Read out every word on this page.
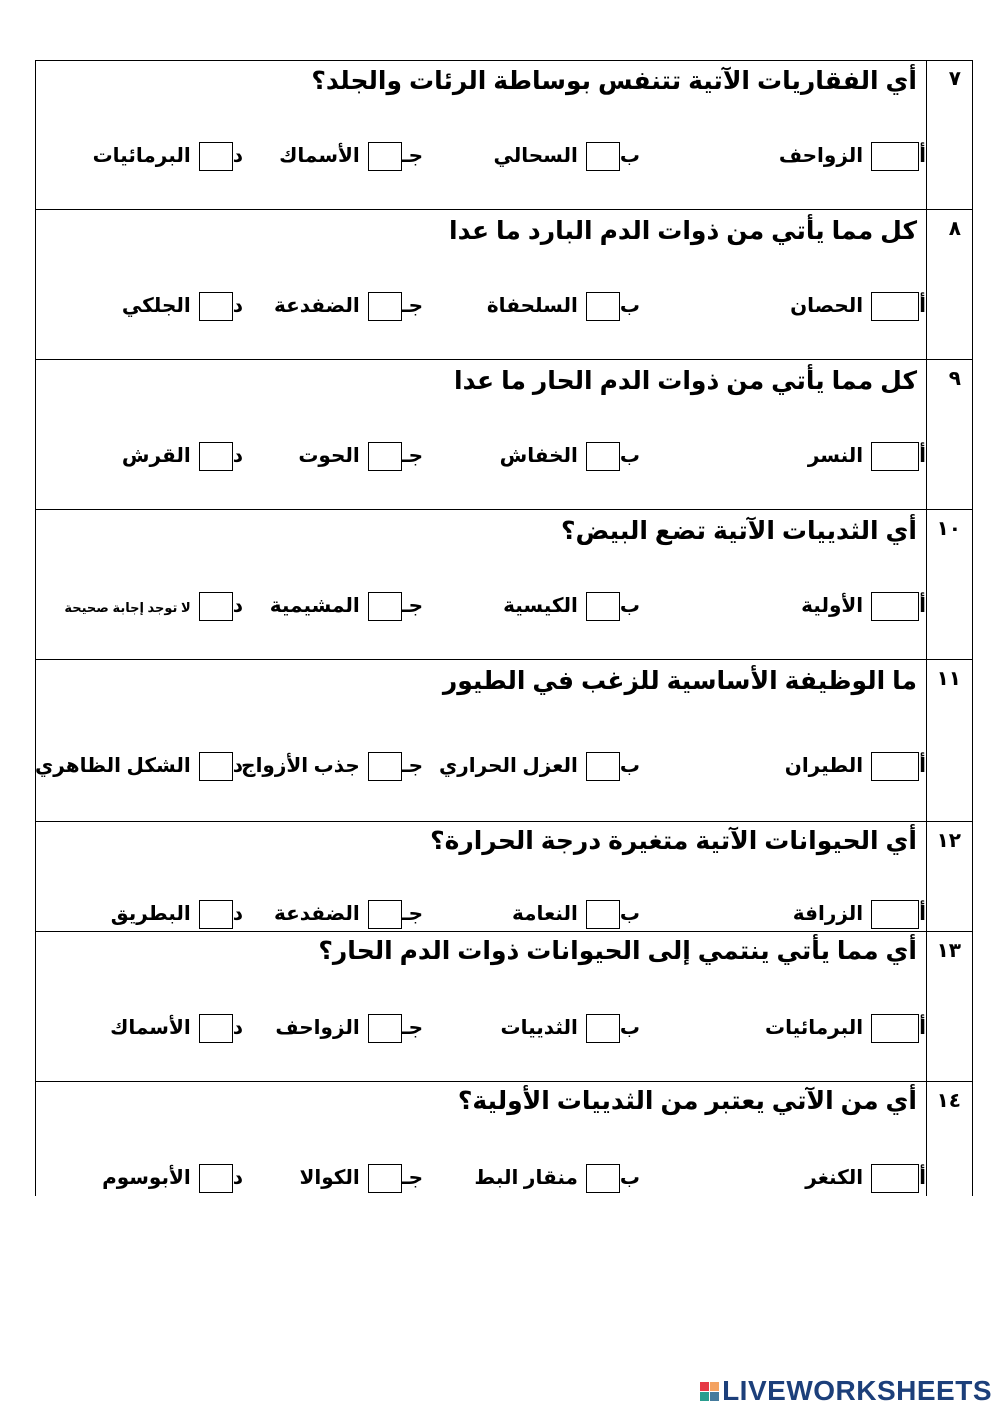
٧
أي الفقاريات الآتية تتنفس بوساطة الرئات والجلد؟
أالزواحف
بالسحالي
جـالأسماك
دالبرمائيات
٨
كل مما يأتي من ذوات الدم البارد ما عدا
أالحصان
بالسلحفاة
جـالضفدعة
دالجلكي
٩
كل مما يأتي من ذوات الدم الحار ما عدا
أالنسر
بالخفاش
جـالحوت
دالقرش
١٠
أي الثدييات الآتية تضع البيض؟
أالأولية
بالكيسية
جـالمشيمية
دلا توجد إجابة صحيحة
١١
ما الوظيفة الأساسية للزغب في الطيور
أالطيران
بالعزل الحراري
جـجذب الأزواج
دالشكل الظاهري
١٢
أي الحيوانات الآتية متغيرة درجة الحرارة؟
أالزرافة
بالنعامة
جـالضفدعة
دالبطريق
١٣
أي مما يأتي ينتمي إلى الحيوانات ذوات الدم الحار؟
أالبرمائيات
بالثدييات
جـالزواحف
دالأسماك
١٤
أي من الآتي يعتبر من الثدييات الأولية؟
أالكنغر
بمنقار البط
جـالكوالا
دالأبوسوم
LIVEWORKSHEETS
